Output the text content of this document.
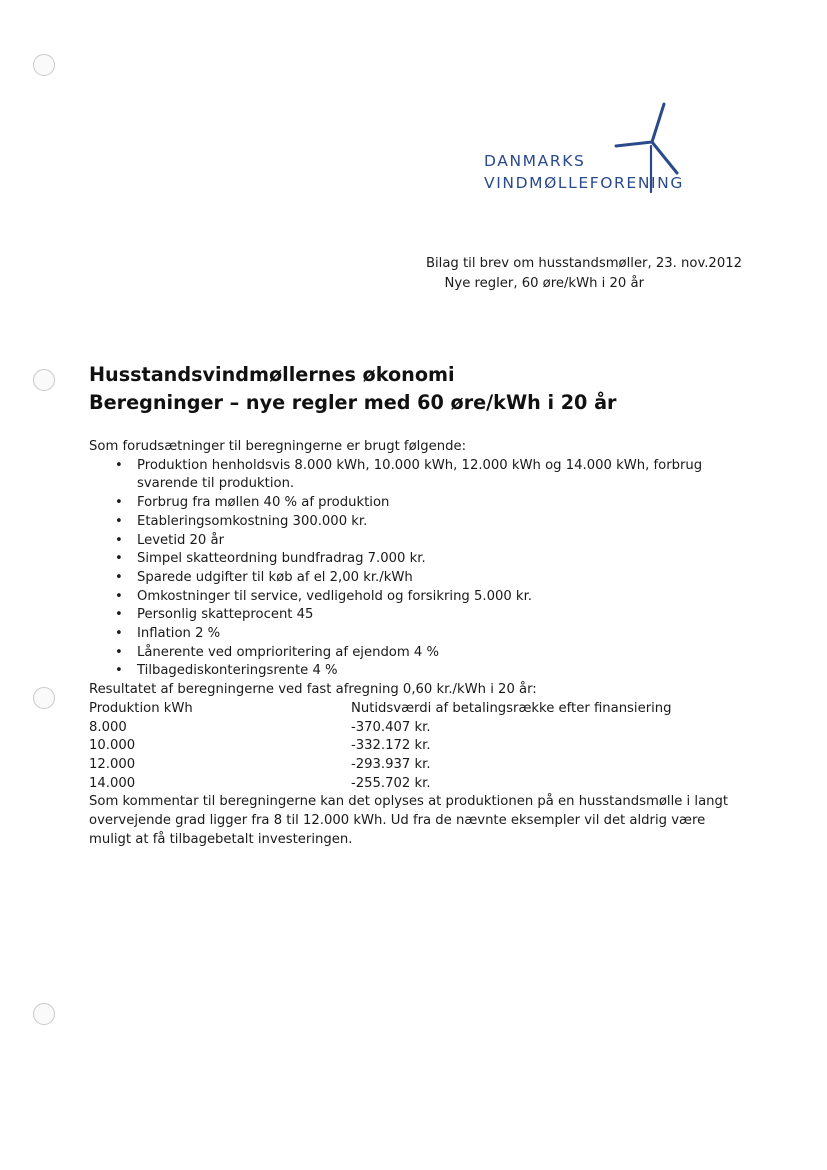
DANMARKS
VINDMØLLEFORENING
Bilag til brev om husstandsmøller, 23. nov.2012
Nye regler, 60 øre/kWh i 20 år
Husstandsvindmøllernes økonomi
Beregninger – nye regler med 60 øre/kWh i 20 år

Som forudsætninger til beregningerne er brugt følgende:

• Produktion henholdsvis 8.000 kWh, 10.000 kWh, 12.000 kWh og 14.000 kWh, forbrug svarende til produktion.
• Forbrug fra møllen 40 % af produktion
• Etableringsomkostning 300.000 kr.
• Levetid 20 år
• Simpel skatteordning bundfradrag 7.000 kr.
• Sparede udgifter til køb af el 2,00 kr./kWh
• Omkostninger til service, vedligehold og forsikring 5.000 kr.
• Personlig skatteprocent 45
• Inflation 2 %
• Lånerente ved omprioritering af ejendom 4 %
• Tilbagediskonteringsrente 4 %

Resultatet af beregningerne ved fast afregning 0,60 kr./kWh i 20 år:

Produktion kWh	Nutidsværdi af betalingsrække efter finansiering
8.000	-370.407 kr.
10.000	-332.172 kr.
12.000	-293.937 kr.
14.000	-255.702 kr.

Som kommentar til beregningerne kan det oplyses at produktionen på en husstandsmølle i langt overvejende grad ligger fra 8 til 12.000 kWh. Ud fra de nævnte eksempler vil det aldrig være muligt at få tilbagebetalt investeringen.
